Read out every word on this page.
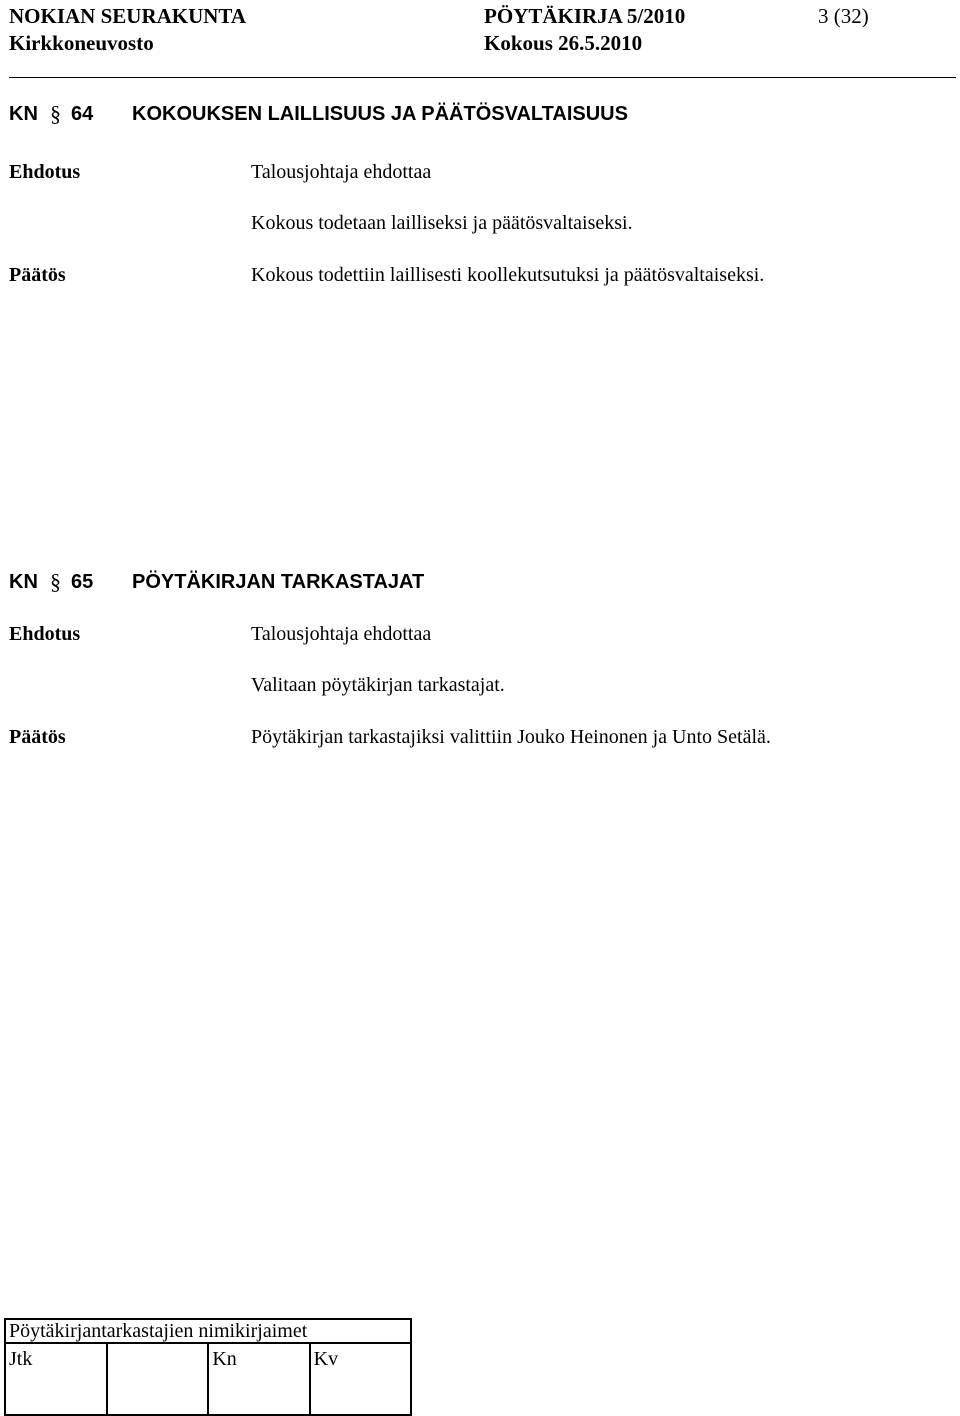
NOKIAN SEURAKUNTA	PÖYTÄKIRJA 5/2010	3 (32)
Kirkkoneuvosto	Kokous 26.5.2010
KN § 64 KOKOUKSEN LAILLISUUS JA PÄÄTÖSVALTAISUUS
Ehdotus	Talousjohtaja ehdottaa
Kokous todetaan lailliseksi ja päätösvaltaiseksi.
Päätös	Kokous todettiin laillisesti koollekutsutuksi ja päätösvaltaiseksi.
KN § 65 PÖYTÄKIRJAN TARKASTAJAT
Ehdotus	Talousjohtaja ehdottaa
Valitaan pöytäkirjan tarkastajat.
Päätös	Pöytäkirjan tarkastajiksi valittiin Jouko Heinonen ja Unto Setälä.
Pöytäkirjantarkastajien nimikirjaimet
Jtk		Kn	Kv
